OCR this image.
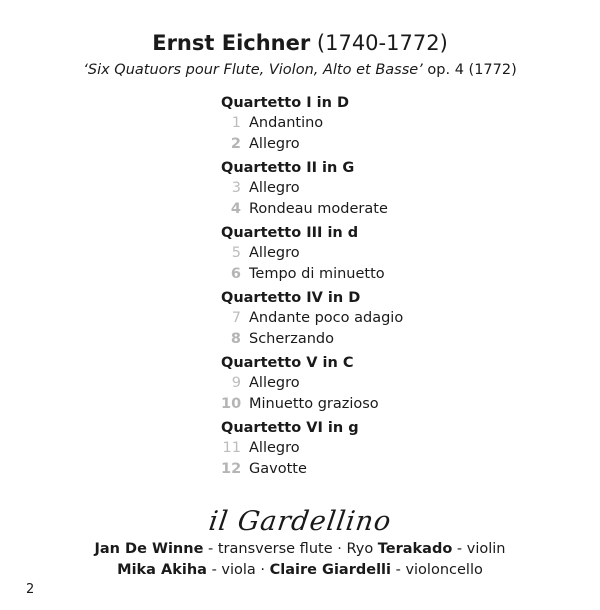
Ernst Eichner (1740-1772)
‘Six Quatuors pour Flute, Violon, Alto et Basse’ op. 4 (1772)
Quartetto I in D
1 Andantino
2 Allegro
Quartetto II in G
3 Allegro
4 Rondeau moderate
Quartetto III in d
5 Allegro
6 Tempo di minuetto
Quartetto IV in D
7 Andante poco adagio
8 Scherzando
Quartetto V in C
9 Allegro
10 Minuetto grazioso
Quartetto VI in g
11 Allegro
12 Gavotte
il Gardellino
Jan De Winne - transverse flute · Ryo Terakado - violin
Mika Akiha - viola · Claire Giardelli - violoncello
2
